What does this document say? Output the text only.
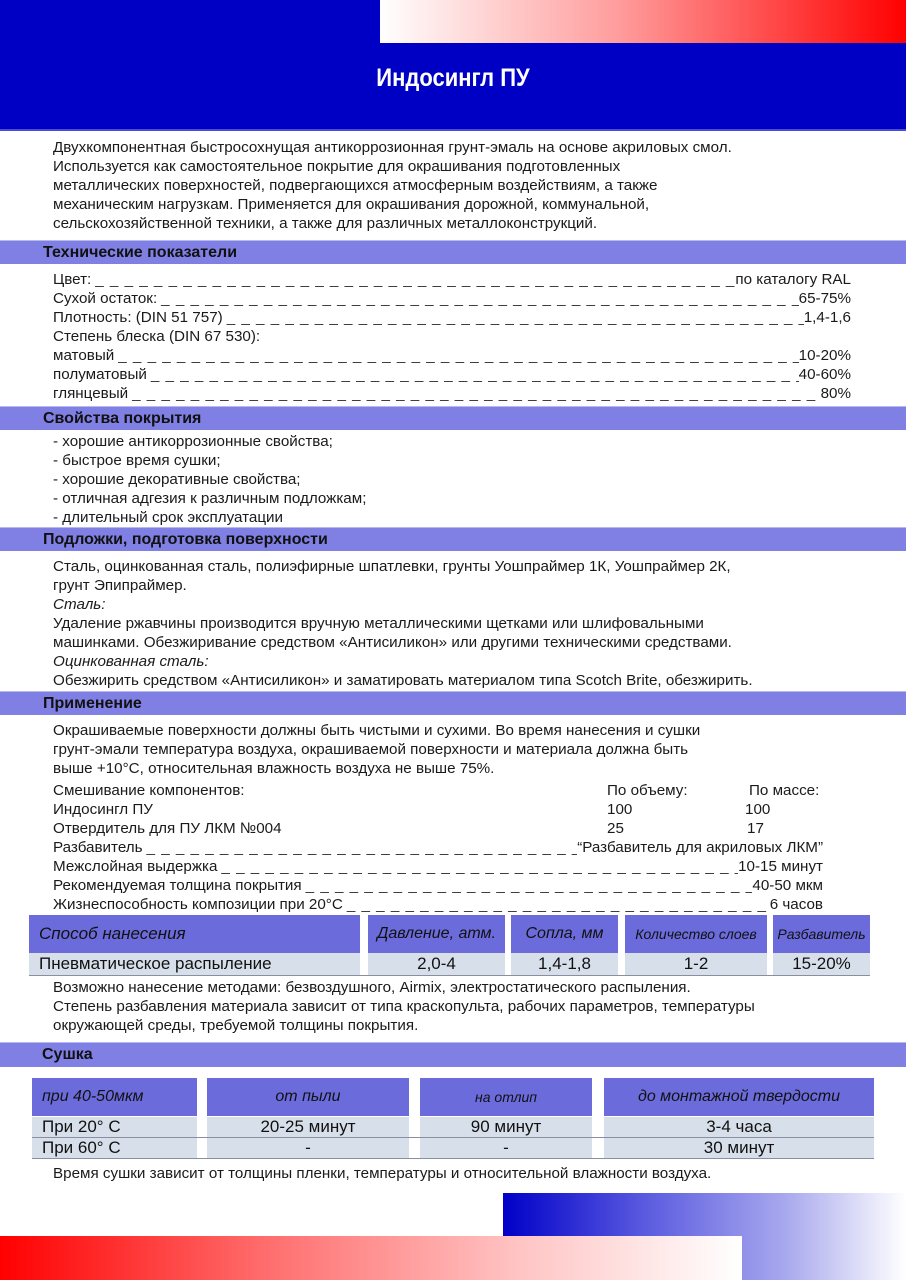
Индосингл ПУ
Двухкомпонентная быстросохнущая антикоррозионная грунт-эмаль на основе акриловых смол.
Используется как самостоятельное покрытие для окрашивания подготовленных
металлических поверхностей, подвергающихся атмосферным воздействиям, а также
механическим нагрузкам. Применяется для окрашивания дорожной, коммунальной,
сельскохозяйственной техники, а также для различных металлоконструкций.
Технические показатели
Цвет: _ _ _	по каталогу RAL
Сухой остаток: _ _ _	65-75%
Плотность: (DIN 51 757) _ _ _	1,4-1,6
Степень блеска (DIN 67 530):
матовый _ _ _	10-20%
полуматовый _ _ _	40-60%
глянцевый _ _ _	80%
Свойства покрытия
- хорошие антикоррозионные свойства;
- быстрое время сушки;
- хорошие декоративные свойства;
- отличная адгезия к различным подложкам;
- длительный срок эксплуатации
Подложки, подготовка поверхности
Сталь, оцинкованная сталь, полиэфирные шпатлевки, грунты Уошпраймер 1К, Уошпраймер 2К,
грунт Эпипраймер.
Сталь:
Удаление ржавчины производится вручную металлическими щетками или шлифовальными
машинками. Обезжиривание средством «Антисиликон» или другими техническими средствами.
Оцинкованная сталь:
Обезжирить средством «Антисиликон» и заматировать материалом типа Scotch Brite, обезжирить.
Применение
Окрашиваемые поверхности должны быть чистыми и сухими. Во время нанесения и сушки
грунт-эмали температура воздуха, окрашиваемой поверхности и материала должна быть
выше +10°С, относительная влажность воздуха не выше 75%.
Смешивание компонентов:	По объему:	По массе:
Индосингл ПУ	100	100
Отвердитель для ПУ ЛКМ №004	25	17
Разбавитель _ _ _	“Разбавитель для акриловых ЛКМ”
Межслойная выдержка _ _ _	10-15 минут
Рекомендуемая толщина покрытия _ _ _	40-50 мкм
Жизнеспособность композиции при 20°С _ _ _	6 часов
Способ нанесения	Давление, атм.	Сопла, мм	Количество слоев	Разбавитель
Пневматическое распыление	2,0-4	1,4-1,8	1-2	15-20%
Возможно нанесение методами: безвоздушного, Airmix, электростатического распыления.
Степень разбавления материала зависит от типа краскопульта, рабочих параметров, температуры
окружающей среды, требуемой толщины покрытия.
Сушка
при 40-50мкм	от пыли	на отлип	до монтажной твердости
При 20° С	20-25 минут	90 минут	3-4 часа
При 60° С	-	-	30 минут
Время сушки зависит от толщины пленки, температуры и относительной влажности воздуха.
